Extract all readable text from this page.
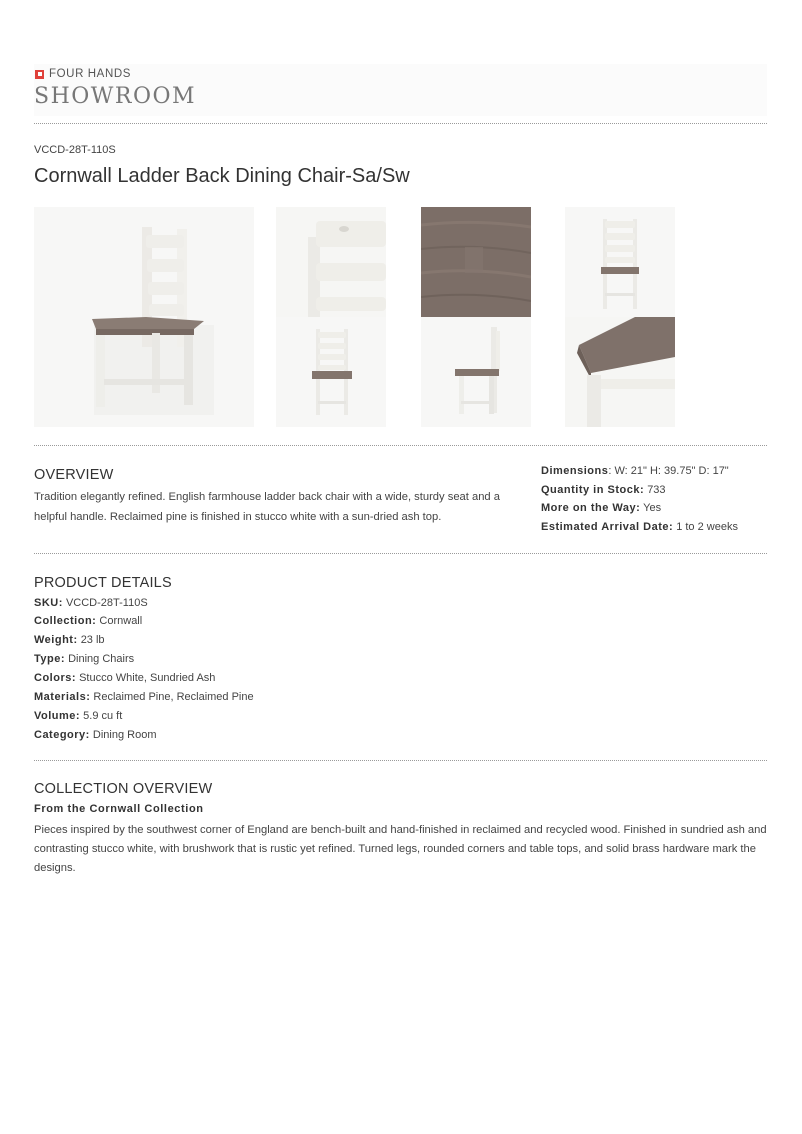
FOUR HANDS
SHOWROOM
VCCD-28T-110S
Cornwall Ladder Back Dining Chair-Sa/Sw
OVERVIEW
Tradition elegantly refined. English farmhouse ladder back chair with a wide, sturdy seat and a helpful handle. Reclaimed pine is finished in stucco white with a sun-dried ash top.
Dimensions: W: 21" H: 39.75" D: 17"
Quantity in Stock: 733
More on the Way: Yes
Estimated Arrival Date: 1 to 2 weeks
PRODUCT DETAILS
SKU: VCCD-28T-110S
Collection: Cornwall
Weight: 23 lb
Type: Dining Chairs
Colors: Stucco White, Sundried Ash
Materials: Reclaimed Pine, Reclaimed Pine
Volume: 5.9 cu ft
Category: Dining Room
COLLECTION OVERVIEW
From the Cornwall Collection
Pieces inspired by the southwest corner of England are bench-built and hand-finished in reclaimed and recycled wood. Finished in sundried ash and contrasting stucco white, with brushwork that is rustic yet refined. Turned legs, rounded corners and table tops, and solid brass hardware mark the designs.
